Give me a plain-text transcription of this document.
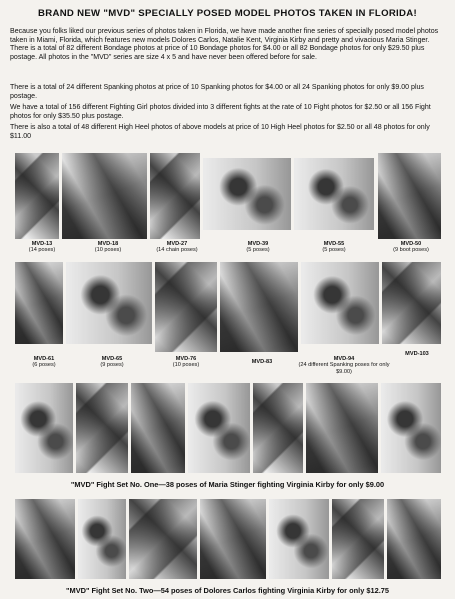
BRAND NEW "MVD" SPECIALLY POSED MODEL PHOTOS TAKEN IN FLORIDA!

Because you folks liked our previous series of photos taken in Florida, we have made another fine series of specially posed model photos taken in Miami, Florida, which features new models Dolores Carlos, Natalie Kent, Virginia Kirby and pretty and vivacious Maria Stinger. There is a total of 82 different Bondage photos at price of 10 Bondage photos for $4.00 or all 82 Bondage photos for only $29.50 plus postage. All photos in the "MVD" series are size 4 x 5 and have never been offered before for sale.

There is a total of 24 different Spanking photos at price of 10 Spanking photos for $4.00 or all 24 Spanking photos for only $9.00 plus postage.

We have a total of 156 different Fighting Girl photos divided into 3 different fights at the rate of 10 Fight photos for $2.50 or all 156 Fight photos for only $35.50 plus postage.

There is also a total of 48 different High Heel photos of above models at price of 10 High Heel photos for $2.50 or all 48 photos for only $11.00

MVD-13
(14 poses)
MVD-18
(10 poses)
MVD-27
(14 chain poses)
MVD-39
(5 poses)
MVD-55
(5 poses)
MVD-50
(9 boot poses)
MVD-61
(6 poses)
MVD-65
(9 poses)
MVD-76
(10 poses)
MVD-83	MVD-94
(24 different Spanking poses for only $9.00)
MVD-103
"MVD" Fight Set No. One—38 poses of Maria Stinger fighting Virginia Kirby for only $9.00
"MVD" Fight Set No. Two—54 poses of Dolores Carlos fighting Virginia Kirby for only $12.75
